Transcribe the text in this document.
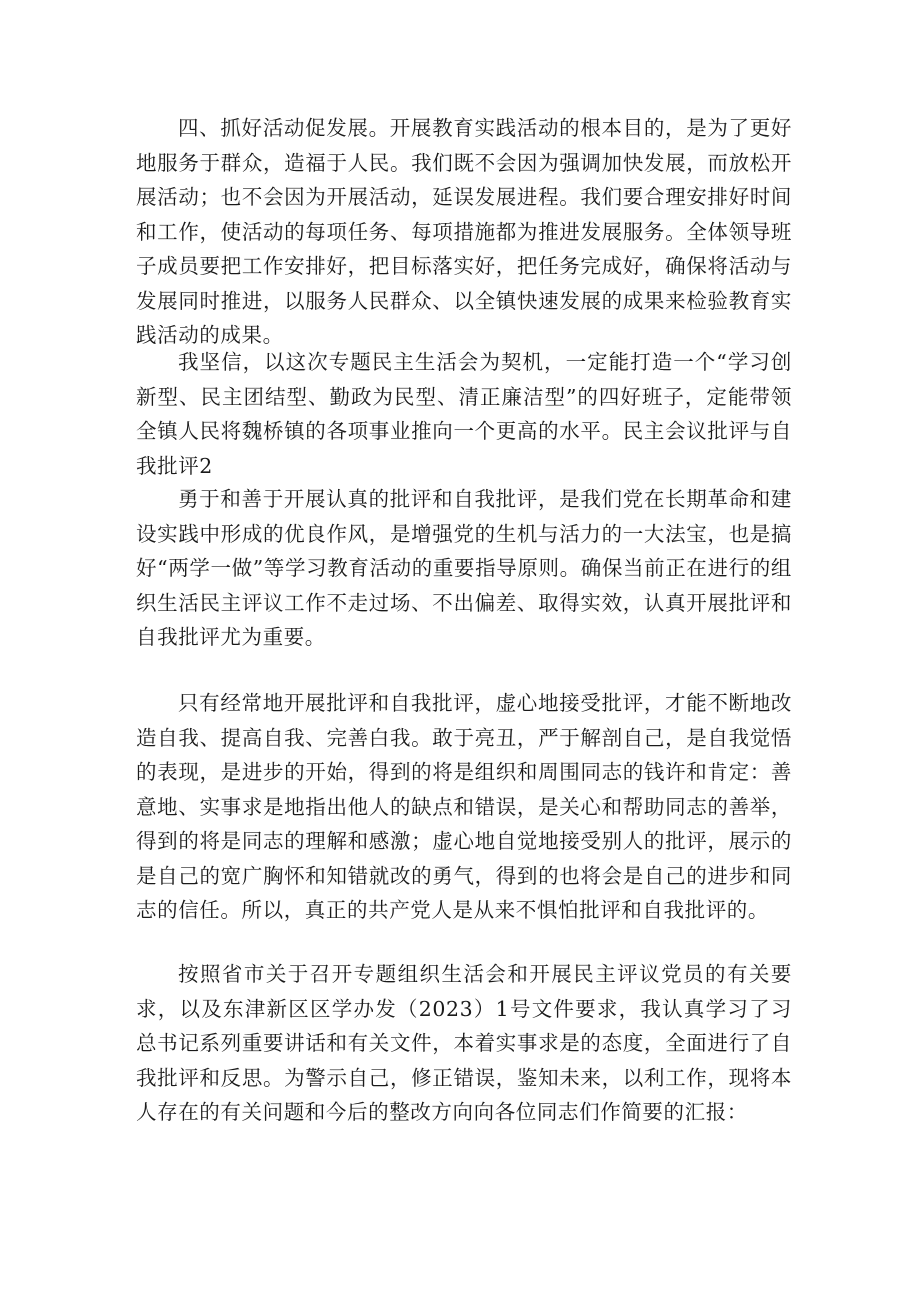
四、抓好活动促发展。开展教育实践活动的根本目的，是为了更好地服务于群众，造福于人民。我们既不会因为强调加快发展，而放松开展活动；也不会因为开展活动，延误发展进程。我们要合理安排好时间和工作，使活动的每项任务、每项措施都为推进发展服务。全体领导班子成员要把工作安排好，把目标落实好，把任务完成好，确保将活动与发展同时推进，以服务人民群众、以全镇快速发展的成果来检验教育实践活动的成果。

我坚信，以这次专题民主生活会为契机，一定能打造一个“学习创新型、民主团结型、勤政为民型、清正廉洁型”的四好班子，定能带领全镇人民将魏桥镇的各项事业推向一个更高的水平。民主会议批评与自我批评2

勇于和善于开展认真的批评和自我批评，是我们党在长期革命和建设实践中形成的优良作风，是增强党的生机与活力的一大法宝，也是搞好“两学一做”等学习教育活动的重要指导原则。确保当前正在进行的组织生活民主评议工作不走过场、不出偏差、取得实效，认真开展批评和自我批评尤为重要。

只有经常地开展批评和自我批评，虚心地接受批评，才能不断地改造自我、提高自我、完善白我。敢于亮丑，严于解剖自己，是自我觉悟的表现，是进步的开始，得到的将是组织和周围同志的钱许和肯定：善意地、实事求是地指出他人的缺点和错误，是关心和帮助同志的善举，得到的将是同志的理解和感激；虚心地自觉地接受别人的批评，展示的是自己的宽广胸怀和知错就改的勇气，得到的也将会是自己的进步和同志的信任。所以，真正的共产党人是从来不惧怕批评和自我批评的。

按照省市关于召开专题组织生活会和开展民主评议党员的有关要求，以及东津新区区学办发（2023）1号文件要求，我认真学习了习总书记系列重要讲话和有关文件，本着实事求是的态度，全面进行了自我批评和反思。为警示自己，修正错误，鉴知未来，以利工作，现将本人存在的有关问题和今后的整改方向向各位同志们作简要的汇报：
